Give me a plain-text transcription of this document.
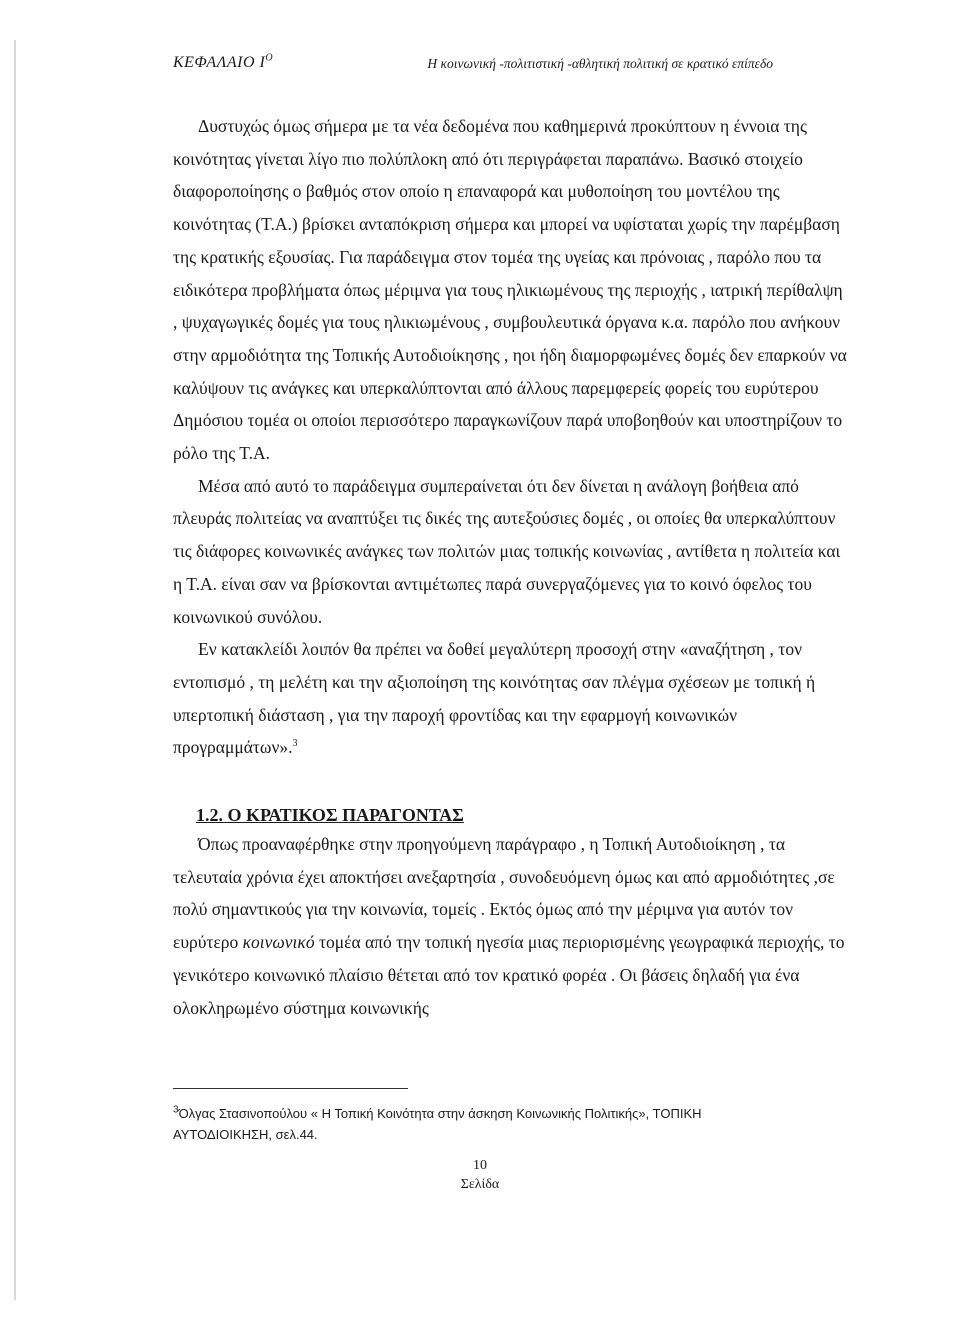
ΚΕΦΑΛΑΙΟ $I^O$	Η κοινωνική -πολιτιστική -αθλητική πολιτική σε κρατικό επίπεδο

Δυστυχώς όμως σήμερα με τα νέα δεδομένα που καθημερινά προκύπτουν η έννοια της κοινότητας γίνεται λίγο πιο πολύπλοκη από ότι περιγράφεται παραπάνω. Βασικό στοιχείο διαφοροποίησης ο βαθμός στον οποίο η επαναφορά και μυθοποίηση του μοντέλου της κοινότητας (Τ.Α.) βρίσκει ανταπόκριση σήμερα και μπορεί να υφίσταται χωρίς την παρέμβαση της κρατικής εξουσίας. Για παράδειγμα στον τομέα της υγείας και πρόνοιας , παρόλο που τα ειδικότερα προβλήματα όπως μέριμνα για τους ηλικιωμένους της περιοχής , ιατρική περίθαλψη , ψυχαγωγικές δομές για τους ηλικιωμένους , συμβουλευτικά όργανα κ.α. παρόλο που ανήκουν στην αρμοδιότητα της Τοπικής Αυτοδιοίκησης , ηοι ήδη διαμορφωμένες δομές δεν επαρκούν να καλύψουν τις ανάγκες και υπερκαλύπτονται από άλλους παρεμφερείς φορείς του ευρύτερου Δημόσιου τομέα οι οποίοι περισσότερο παραγκωνίζουν παρά υποβοηθούν και υποστηρίζουν το ρόλο της Τ.Α.

Μέσα από αυτό το παράδειγμα συμπεραίνεται ότι δεν δίνεται η ανάλογη βοήθεια από πλευράς πολιτείας να αναπτύξει τις δικές της αυτεξούσιες δομές , οι οποίες θα υπερκαλύπτουν τις διάφορες κοινωνικές ανάγκες των πολιτών μιας τοπικής κοινωνίας , αντίθετα η πολιτεία και η Τ.Α. είναι σαν να βρίσκονται αντιμέτωπες παρά συνεργαζόμενες για το κοινό όφελος του κοινωνικού συνόλου.

Εν κατακλείδι λοιπόν θα πρέπει να δοθεί μεγαλύτερη προσοχή στην «αναζήτηση , τον εντοπισμό , τη μελέτη και την αξιοποίηση της κοινότητας σαν πλέγμα σχέσεων με τοπική ή υπερτοπική διάσταση , για την παροχή φροντίδας και την εφαρμογή κοινωνικών προγραμμάτων».$^3$

1.2. Ο ΚΡΑΤΙΚΟΣ ΠΑΡΑΓΟΝΤΑΣ

Όπως προαναφέρθηκε στην προηγούμενη παράγραφο , η Τοπική Αυτοδιοίκηση , τα τελευταία χρόνια έχει αποκτήσει ανεξαρτησία , συνοδευόμενη όμως και από αρμοδιότητες ,σε πολύ σημαντικούς για την κοινωνία, τομείς . Εκτός όμως από την μέριμνα για αυτόν τον ευρύτερο κοινωνικό τομέα από την τοπική ηγεσία μιας περιορισμένης γεωγραφικά περιοχής, το γενικότερο κοινωνικό πλαίσιο θέτεται από τον κρατικό φορέα . Οι βάσεις δηλαδή για ένα ολοκληρωμένο σύστημα κοινωνικής

$^3$Όλγας Στασινοπούλου « Η Τοπική Κοινότητα στην άσκηση Κοινωνικής Πολιτικής», ΤΟΠΙΚΗ ΑΥΤΟΔΙΟΙΚΗΣΗ, σελ.44.
10
Σελίδα
